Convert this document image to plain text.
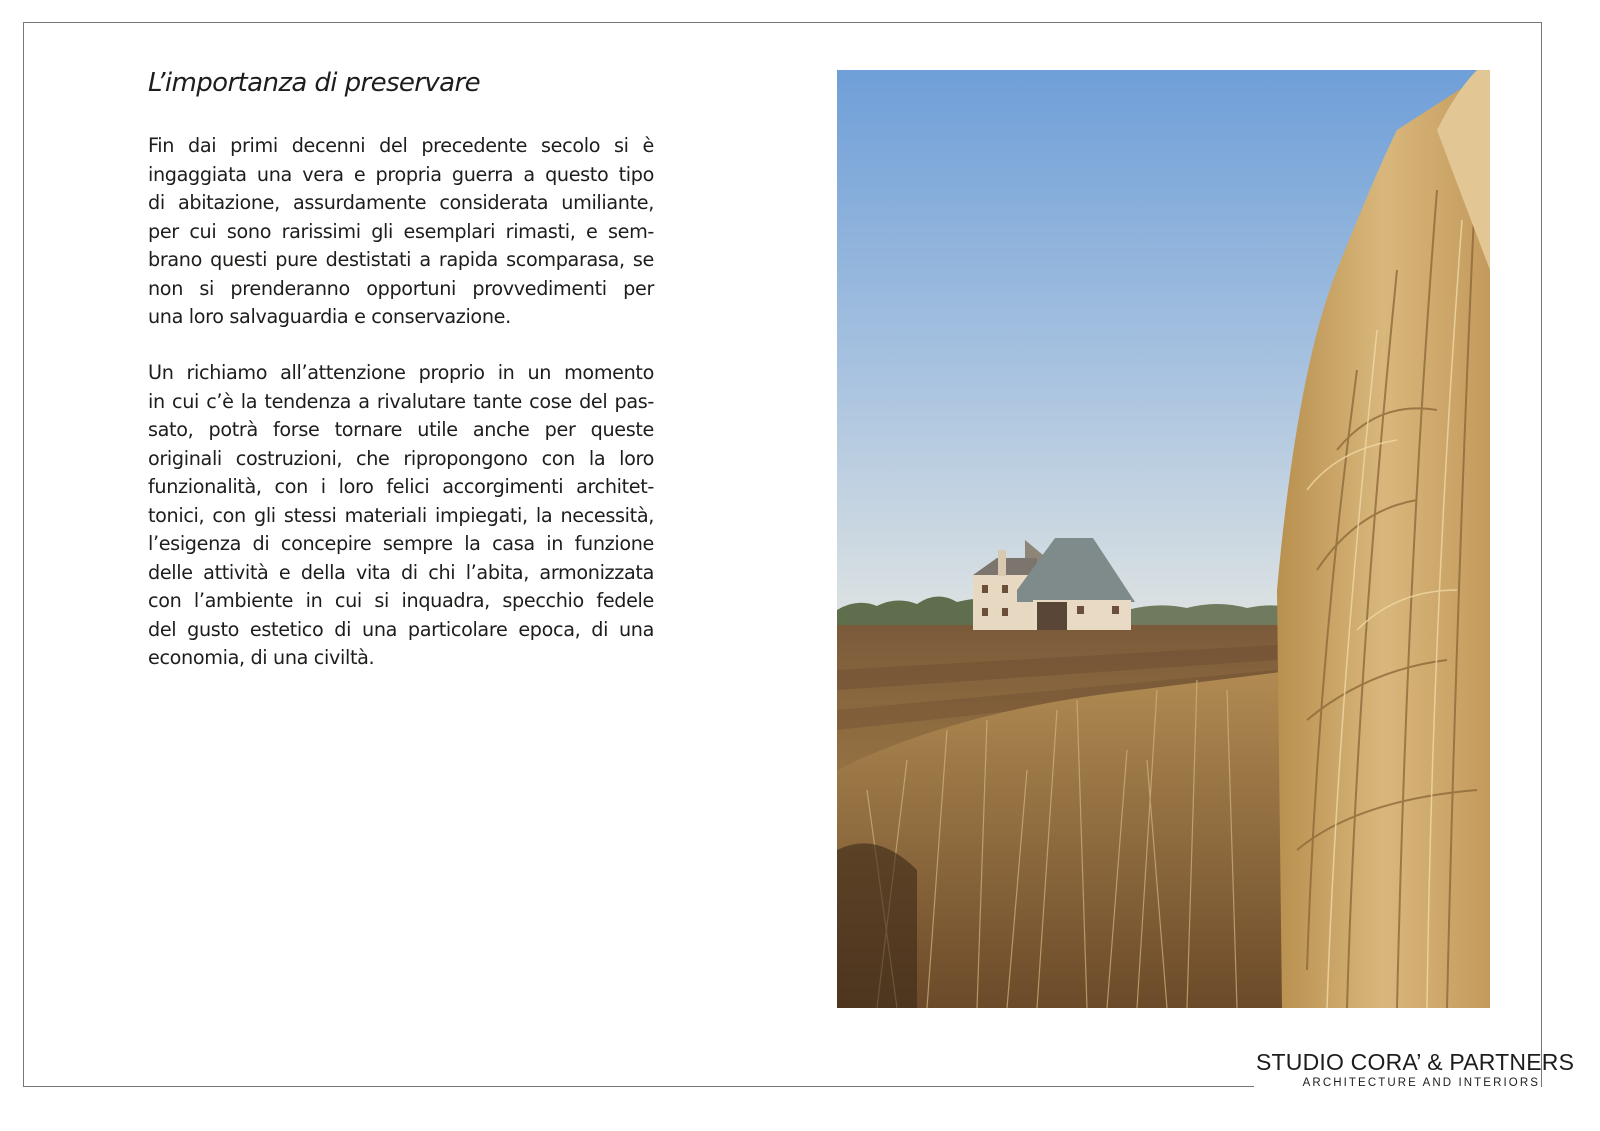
L’importanza di preservare

Fin dai primi decenni del precedente secolo si è
ingaggiata una vera e propria guerra a questo tipo
di abitazione, assurdamente considerata umiliante,
per cui sono rarissimi gli esemplari rimasti, e sem-
brano questi pure destistati a rapida scomparasa, se
non si prenderanno opportuni provvedimenti per
una loro salvaguardia e conservazione.

Un richiamo all’attenzione proprio in un momento
in cui c’è la tendenza a rivalutare tante cose del pas-
sato, potrà forse tornare utile anche per queste
originali costruzioni, che ripropongono con la loro
funzionalità, con i loro felici accorgimenti architet-
tonici, con gli stessi materiali impiegati, la necessità,
l’esigenza di concepire sempre la casa in funzione
delle attività e della vita di chi l’abita, armonizzata
con l’ambiente in cui si inquadra, specchio fedele
del gusto estetico di una particolare epoca, di una
economia, di una civiltà.

STUDIO CORA’ & PARTNERS
ARCHITECTURE AND INTERIORS
